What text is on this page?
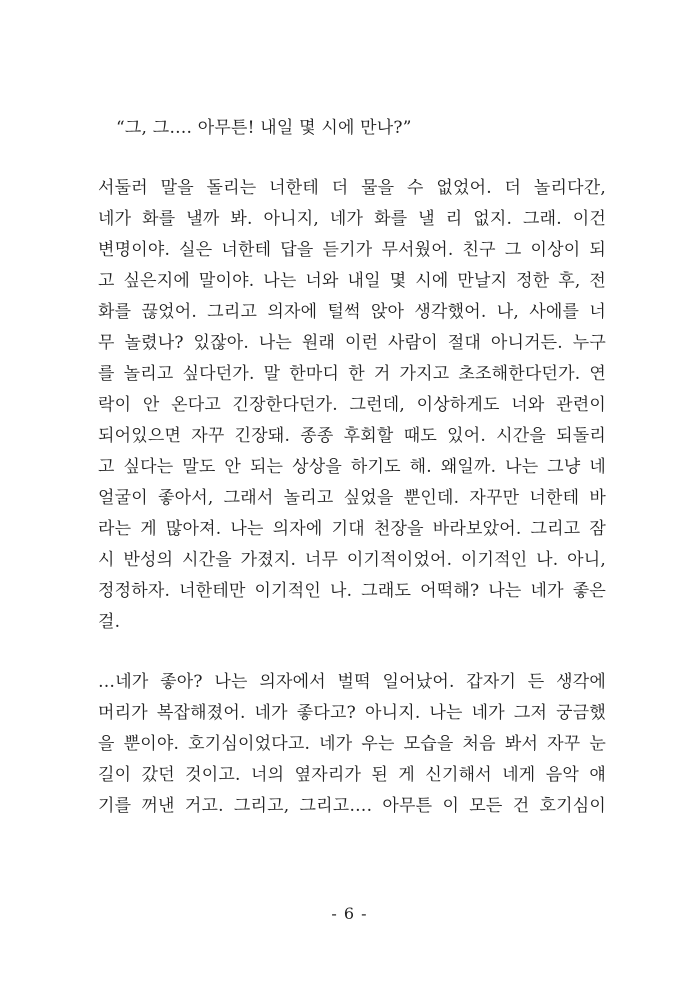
“그, 그…. 아무튼! 내일 몇 시에 만나?”
서둘러 말을 돌리는 너한테 더 물을 수 없었어. 더 놀리다간,
네가 화를 낼까 봐. 아니지, 네가 화를 낼 리 없지. 그래. 이건
변명이야. 실은 너한테 답을 듣기가 무서웠어. 친구 그 이상이 되
고 싶은지에 말이야. 나는 너와 내일 몇 시에 만날지 정한 후, 전
화를 끊었어. 그리고 의자에 털썩 앉아 생각했어. 나, 사에를 너
무 놀렸나? 있잖아. 나는 원래 이런 사람이 절대 아니거든. 누구
를 놀리고 싶다던가. 말 한마디 한 거 가지고 초조해한다던가. 연
락이 안 온다고 긴장한다던가. 그런데, 이상하게도 너와 관련이
되어있으면 자꾸 긴장돼. 종종 후회할 때도 있어. 시간을 되돌리
고 싶다는 말도 안 되는 상상을 하기도 해. 왜일까. 나는 그냥 네
얼굴이 좋아서, 그래서 놀리고 싶었을 뿐인데. 자꾸만 너한테 바
라는 게 많아져. 나는 의자에 기대 천장을 바라보았어. 그리고 잠
시 반성의 시간을 가졌지. 너무 이기적이었어. 이기적인 나. 아니,
정정하자. 너한테만 이기적인 나. 그래도 어떡해? 나는 네가 좋은
걸.
…네가 좋아? 나는 의자에서 벌떡 일어났어. 갑자기 든 생각에
머리가 복잡해졌어. 네가 좋다고? 아니지. 나는 네가 그저 궁금했
을 뿐이야. 호기심이었다고. 네가 우는 모습을 처음 봐서 자꾸 눈
길이 갔던 것이고. 너의 옆자리가 된 게 신기해서 네게 음악 얘
기를 꺼낸 거고. 그리고, 그리고…. 아무튼 이 모든 건 호기심이
- 6 -
